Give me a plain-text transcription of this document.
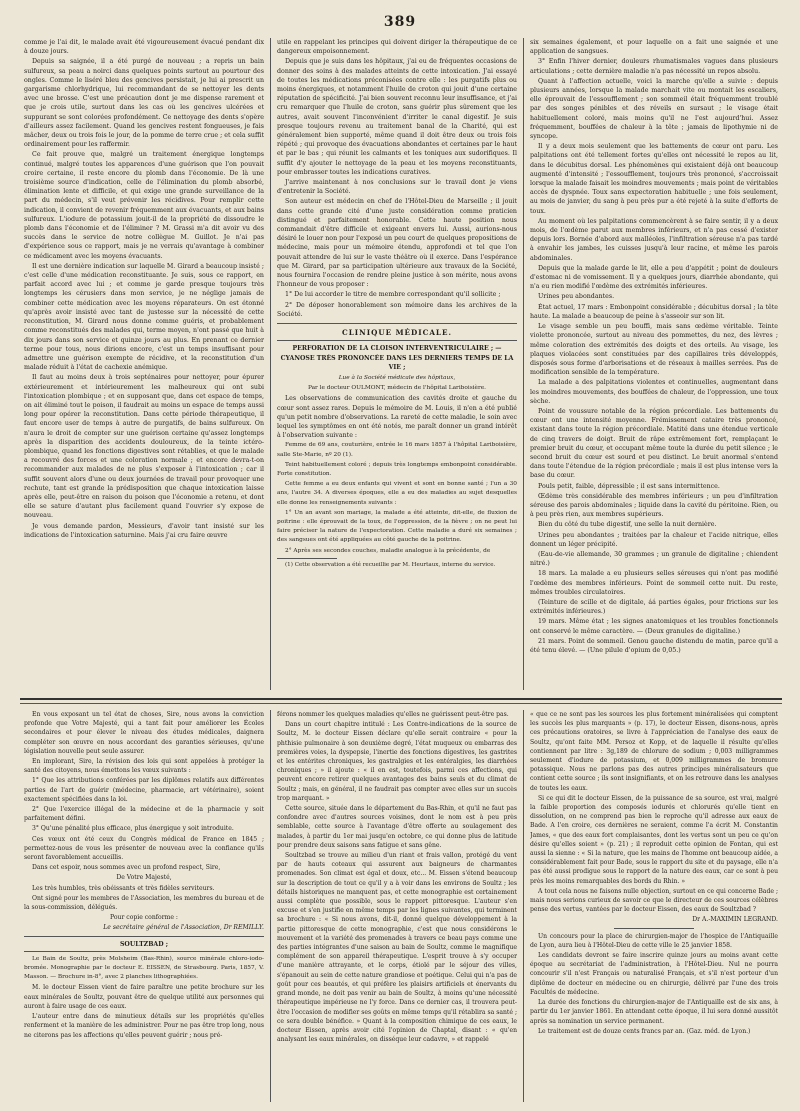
389

comme je l'ai dit, le malade avait été vigoureusement évacué pendant dix à douze jours.

Depuis sa saignée, il a été purgé de nouveau ; a repris un bain sulfureux, sa peau a noirci dans quelques points surtout au pourtour des ongles. Comme le liséré bleu des gencives persistait, je lui ai prescrit un gargarisme chlorhydrique, lui recommandant de se nettoyer les dents avec une brosse. C'est une précaution dont je me dispense rarement et que je crois utile, surtout dans les cas où les gencives ulcérées et suppurant se sont colorées profondément. Ce nettoyage des dents s'opère d'ailleurs assez facilement. Quand les gencives restent fongueuses, je fais mâcher, deux ou trois fois le jour, de la pomme de terre crue ; et cela suffit ordinairement pour les raffermir.

Ce fait prouve que, malgré un traitement énergique longtemps continué, malgré toutes les apparences d'une guérison que l'on pouvait croire certaine, il reste encore du plomb dans l'économie. De là une troisième source d'indication, celle de l'élimination du plomb absorbé, élimination lente et difficile, et qui exige une grande surveillance de la part du médecin, s'il veut prévenir les récidives. Pour remplir cette indication, il convient de revenir fréquemment aux évacuants, et aux bains sulfureux. L'iodure de potassium jouit-il de la propriété de dissoudre le plomb dans l'économie et de l'éliminer ? M. Grassi m'a dit avoir vu des succès dans le service de notre collègue M. Guillot. Je n'ai pas d'expérience sous ce rapport, mais je ne verrais qu'avantage à combiner ce médicament avec les moyens évacuants.

Il est une dernière indication sur laquelle M. Girard a beaucoup insisté ; c'est celle d'une médication reconstituante. Je suis, sous ce rapport, en parfait accord avec lui ; et comme je garde presque toujours très longtemps les cérusiers dans mon service, je ne néglige jamais de combiner cette médication avec les moyens réparateurs. On est étonné qu'après avoir insisté avec tant de justesse sur la nécessité de cette reconstitution, M. Girard nous donne comme guéris, et probablement comme reconstitués des malades qui, terme moyen, n'ont passé que huit à dix jours dans son service et quinze jours au plus. En prenant ce dernier terme pour tous, nous dirions encore, c'est un temps insuffisant pour admettre une guérison exempte de récidive, et la reconstitution d'un malade réduit à l'état de cachexie anémique.

Il faut au moins deux à trois septénaires pour nettoyer, pour épurer extérieurement et intérieurement les malheureux qui ont subi l'intoxication plombique ; et en supposant que, dans cet espace de temps, on ait éliminé tout le poison, il faudrait au moins un espace de temps aussi long pour opérer la reconstitution. Dans cette période thérapeutique, il faut encore user de temps à autre de purgatifs, de bains sulfureux. On n'aura le droit de compter sur une guérison certaine qu'assez longtemps après la disparition des accidents douloureux, de la teinte ictéro-plombique, quand les fonctions digestives sont rétablies, et que le malade a recouvré des forces et une coloration normale ; et encore devra-t-on recommander aux malades de ne plus s'exposer à l'intoxication ; car il suffit souvent alors d'une ou deux journées de travail pour provoquer une rechute, tant est grande la prédisposition que chaque intoxication laisse après elle, peut-être en raison du poison que l'économie a retenu, et dont elle se sature d'autant plus facilement quand l'ouvrier s'y expose de nouveau.

Je vous demande pardon, Messieurs, d'avoir tant insisté sur les indications de l'intoxication saturnine. Mais j'ai cru faire œuvre

utile en rappelant les principes qui doivent diriger la thérapeutique de ce dangereux empoisonnement.

Depuis que je suis dans les hôpitaux, j'ai eu de fréquentes occasions de donner des soins à des malades atteints de cette intoxication. J'ai essayé de toutes les médications préconisées contre elle : les purgatifs plus ou moins énergiques, et notamment l'huile de croton qui jouit d'une certaine réputation de spécificité. J'ai bien souvent reconnu leur insuffisance, et j'ai cru remarquer que l'huile de croton, sans guérir plus sûrement que les autres, avait souvent l'inconvénient d'irriter le canal digestif. Je suis presque toujours revenu au traitement banal de la Charité, qui est généralement bien supporté, même quand il doit être deux ou trois fois répété ; qui provoque des évacuations abondantes et certaines par le haut et par le bas ; qui réunit les calmants et les toniques aux sudorifiques. Il suffit d'y ajouter le nettoyage de la peau et les moyens reconstituants, pour embrasser toutes les indications curatives.

J'arrive maintenant à nos conclusions sur le travail dont je viens d'entretenir la Société.

Son auteur est médecin en chef de l'Hôtel-Dieu de Marseille ; il jouit dans cette grande cité d'une juste considération comme praticien distingué et parfaitement honorable. Cette haute position nous commandait d'être difficile et exigeant envers lui. Aussi, aurions-nous désiré le louer non pour l'exposé un peu court de quelques propositions de médecine, mais pour un mémoire étendu, approfondi et tel que l'on pouvait attendre de lui sur le vaste théâtre où il exerce. Dans l'espérance que M. Girard, par sa participation ultérieure aux travaux de la Société, nous fournira l'occasion de rendre pleine justice à son mérite, nous avons l'honneur de vous proposer :

1° De lui accorder le titre de membre correspondant qu'il sollicite ;

2° De déposer honorablement son mémoire dans les archives de la Société.

CLINIQUE MÉDICALE.
PERFORATION DE LA CLOISON INTERVENTRICULAIRE ; — CYANOSE TRÈS PRONONCÉE DANS LES DERNIERS TEMPS DE LA VIE ;

Lue à la Société médicale des hôpitaux,

Par le docteur OULMONT, médecin de l'hôpital Lariboisière.

Les observations de communication des cavités droite et gauche du cœur sont assez rares. Depuis le mémoire de M. Louis, il n'en a été publié qu'un petit nombre d'observations. La rareté de cette maladie, le soin avec lequel les symptômes en ont été notés, me paraît donner un grand intérêt à l'observation suivante :

Femme de 69 ans, couturière, entrée le 16 mars 1857 à l'hôpital Lariboisière, salle Ste-Marie, nº 20 (1).

Teint habituellement coloré ; depuis très longtemps embonpoint considérable. Forte constitution.

Cette femme a eu deux enfants qui vivent et sont en bonne santé ; l'un a 30 ans, l'autre 34. A diverses époques, elle a eu des maladies au sujet desquelles elle donne les renseignements suivants :

1° Un an avant son mariage, la malade a été atteinte, dit-elle, de fluxion de poitrine : elle éprouvait de la toux, de l'oppression, de la fièvre ; on ne peut lui faire préciser la nature de l'expectoration. Cette maladie a duré six semaines ; des sangsues ont été appliquées au côté gauche de la poitrine.

2° Après ses secondes couches, maladie analogue à la précédente, de

(1) Cette observation a été recueillie par M. Heurtaux, interne du service.

six semaines également, et pour laquelle on a fait une saignée et une application de sangsues.

3° Enfin l'hiver dernier, douleurs rhumatismales vagues dans plusieurs articulations ; cette dernière maladie n'a pas nécessité un repos absolu.

Quant à l'affection actuelle, voici la marche qu'elle a suivie : depuis plusieurs années, lorsque la malade marchait vite ou montait les escaliers, elle éprouvait de l'essoufflement ; son sommeil était fréquemment troublé par des songes pénibles et des réveils en sursaut ; le visage était habituellement coloré, mais moins qu'il ne l'est aujourd'hui. Assez fréquemment, bouffées de chaleur à la tête ; jamais de lipothymie ni de syncope.

Il y a deux mois seulement que les battements de cœur ont paru. Les palpitations ont été tellement fortes qu'elles ont nécessité le repos au lit, dans le décubitus dorsal. Les phénomènes qui existaient déjà ont beaucoup augmenté d'intensité ; l'essoufflement, toujours très prononcé, s'accroissait lorsque la malade faisait les moindres mouvements ; mais point de véritables accès de dyspnée. Toux sans expectoration habituelle ; une fois seulement, au mois de janvier, du sang à peu près pur a été rejeté à la suite d'efforts de toux.

Au moment où les palpitations commencèrent à se faire sentir, il y a deux mois, de l'œdème parut aux membres inférieurs, et n'a pas cessé d'exister depuis lors. Bornée d'abord aux malléoles, l'infiltration séreuse n'a pas tardé à envahir les jambes, les cuisses jusqu'à leur racine, et même les parois abdominales.

Depuis que la malade garde le lit, elle a peu d'appétit ; point de douleurs d'estomac ni de vomissement. Il y a quelques jours, diarrhée abondante, qui n'a eu rien modifié l'œdème des extrémités inférieures.

Urines peu abondantes.

État actuel, 17 mars : Embonpoint considérable ; décubitus dorsal ; la tête haute. La malade a beaucoup de peine à s'asseoir sur son lit.

Le visage semble un peu bouffi, mais sans œdème véritable. Teinte violette prononcée, surtout au niveau des pommettes, du nez, des lèvres ; même coloration des extrémités des doigts et des orteils. Au visage, les plaques violacées sont constituées par des capillaires très développés, disposés sous forme d'arborisations et de réseaux à mailles serrées. Pas de modification sensible de la température.

La malade a des palpitations violentes et continuelles, augmentant dans les moindres mouvements, des bouffées de chaleur, de l'oppression, une toux sèche.

Point de voussure notable de la région précordiale. Les battements du cœur ont une intensité moyenne. Frémissement cataire très prononcé, existant dans toute la région précordiale. Matité dans une étendue verticale de cinq travers de doigt. Bruit de râpe extrêmement fort, remplaçant le premier bruit du cœur, et occupant même toute la durée du petit silence ; le second bruit du cœur est sourd et peu distinct. Le bruit anormal s'entend dans toute l'étendue de la région précordiale ; mais il est plus intense vers la base du cœur.

Pouls petit, faible, dépressible ; il est sans intermittence.

Œdème très considérable des membres inférieurs ; un peu d'infiltration séreuse des parois abdominales ; liquide dans la cavité du péritoine. Rien, ou à peu près rien, aux membres supérieurs.

Bien du côté du tube digestif, une selle la nuit dernière.

Urines peu abondantes ; traitées par la chaleur et l'acide nitrique, elles donnent un léger précipité.

(Eau-de-vie allemande, 30 grammes ; un granule de digitaline ; chiendent nitré.)

18 mars. La malade a eu plusieurs selles séreuses qui n'ont pas modifié l'œdème des membres inférieurs. Point de sommeil cette nuit. Du reste, mêmes troubles circulatoires.

(Teinture de scille et de digitale, áá parties égales, pour frictions sur les extrémités inférieures.)

19 mars. Même état ; les signes anatomiques et les troubles fonctionnels ont conservé le même caractère. — (Deux granules de digitaline.)

21 mars. Point de sommeil. Genou gauche distendu de matin, parce qu'il a été tenu élevé. — (Une pilule d'opium de 0,05.)

En vous exposant un tel état de choses, Sire, nous avons la conviction profonde que Votre Majesté, qui a tant fait pour améliorer les Écoles secondaires et pour élever le niveau des études médicales, daignera compléter son œuvre en nous accordant des garanties sérieuses, qu'une législation nouvelle peut seule assurer.

En implorant, Sire, la révision des lois qui sont appelées à protéger la santé des citoyens, nous émettons les vœux suivants :

1° Que les attributions conférées par les diplômes relatifs aux différentes parties de l'art de guérir (médecine, pharmacie, art vétérinaire), soient exactement spécifiées dans la loi.

2° Que l'exercice illégal de la médecine et de la pharmacie y soit parfaitement défini.

3° Qu'une pénalité plus efficace, plus énergique y soit introduite.

Ces vœux ont été ceux du Congrès médical de France en 1845 ; permettez-nous de vous les présenter de nouveau avec la confiance qu'ils seront favorablement accueillis.

Dans cet espoir, nous sommes avec un profond respect, Sire,

De Votre Majesté,

Les très humbles, très obéissants et très fidèles serviteurs.

Ont signé pour les membres de l'Association, les membres du bureau et de la sous-commission, délégués.

Pour copie conforme :

Le secrétaire général de l'Association, Dr REMILLY.

SOULTZBAD ;

Le Bain de Soultz, près Molsheim (Bas-Rhin), source minérale chloro-iodo-bromée. Monographie par le docteur E. EISSEN, de Strasbourg. Paris, 1857, V. Masson. — Brochure in-8°, avec 2 planches lithographiées.

M. le docteur Eissen vient de faire paraître une petite brochure sur les eaux minérales de Soultz, pouvant être de quelque utilité aux personnes qui auront à faire usage de ces eaux.

L'auteur entre dans de minutieux détails sur les propriétés qu'elles renferment et la manière de les administrer. Pour ne pas être trop long, nous ne citerons pas les affections qu'elles peuvent guérir ; nous pré-

férons nommer les quelques maladies qu'elles ne guérissent peut-être pas.

Dans un court chapitre intitulé : Les Contre-indications de la source de Soultz, M. le docteur Eissen déclare qu'elle serait contraire « pour la phthisie pulmonaire à son deuxième degré, l'état muqueux ou embarras des premières voies, la dyspepsie, l'inertie des fonctions digestives, les gastrites et les entérites chroniques, les gastralgies et les entéralgies, les diarrhées chroniques ; » il ajoute : « il en est, toutefois, parmi ces affections, qui peuvent encore retirer quelques avantages des bains seuls et du climat de Soultz ; mais, en général, il ne faudrait pas compter avec elles sur un succès trop marquant. »

Cette source, située dans le département du Bas-Rhin, et qu'il ne faut pas confondre avec d'autres sources voisines, dont le nom est à peu près semblable, cette source à l'avantage d'être offerte au soulagement des malades, à partir du 1er mai jusqu'en octobre, ce qui donne plus de latitude pour prendre deux saisons sans fatigue et sans gêne.

Soultzbad se trouve au milieu d'un riant et frais vallon, protégé du vent par de hauts coteaux qui assurent aux baigneurs de charmantes promenades. Son climat est égal et doux, etc... M. Eissen s'étend beaucoup sur la description de tout ce qu'il y a à voir dans les environs de Soultz ; les détails historiques ne manquent pas, et cette monographie est certainement aussi complète que possible, sous le rapport pittoresque. L'auteur s'en excuse et s'en justifie en même temps par les lignes suivantes, qui terminent sa brochure : « Si nous avons, dit-il, donné quelque développement à la partie pittoresque de cette monographie, c'est que nous considérons le mouvement et la variété des promenades à travers ce beau pays comme une des parties intégrantes d'une saison au bain de Soultz, comme le magnifique complément de son appareil thérapeutique. L'esprit trouve à s'y occuper d'une manière attrayante, et le corps, étiolé par le séjour des villes, s'épanouit au sein de cette nature grandiose et poétique. Celui qui n'a pas de goût pour ces beautés, et qui préfère les plaisirs artificiels et énervants du grand monde, ne doit pas venir au bain de Soultz, à moins qu'une nécessité thérapeutique impérieuse ne l'y force. Dans ce dernier cas, il trouvera peut-être l'occasion de modifier ses goûts en même temps qu'il rétablira sa santé ; ce sera double bénéfice. » Quant à la composition chimique de ces eaux, le docteur Eissen, après avoir cité l'opinion de Chaptal, disant : « qu'en analysant les eaux minérales, on disséque leur cadavre, » et rappelé

« que ce ne sont pas les sources les plus fortement minéralisées qui comptent les succès les plus marquants » (p. 17), le docteur Eissen, disons-nous, après ces précautions oratoires, se livre à l'appréciation de l'analyse des eaux de Soultz, qu'ont faite MM. Persoz et Kopp, et de laquelle il résulte qu'elles contiennent par litre : 3g,189 de chlorure de sodium ; 0,003 milligrammes seulement d'iodure de potassium, et 0,009 milligrammes de bromure potassique. Nous ne parlons pas des autres principes minéralisateurs que contient cette source ; ils sont insignifiants, et on les retrouve dans les analyses de toutes les eaux.

Si ce qui dit le docteur Eissen, de la puissance de sa source, est vrai, malgré la faible proportion des composés iodurés et chlorurés qu'elle tient en dissolution, on ne comprend pas bien le reproche qu'il adresse aux eaux de Bade. A l'en croire, ces dernières ne seraient, comme l'a écrit M. Constantin James, « que des eaux fort complaisantes, dont les vertus sont un peu ce qu'on désire qu'elles soient » (p. 21) ; il reproduit cette opinion de Fontan, qui est aussi la sienne : « Si la nature, que les mains de l'homme ont beaucoup aidée, a considérablement fait pour Bade, sous le rapport du site et du paysage, elle n'a pas été aussi prodigue sous le rapport de la nature des eaux, car ce sont à peu près les moins remarquables des bords du Rhin. »

A tout cela nous ne faisons nulle objection, surtout en ce qui concerne Bade ; mais nous serions curieux de savoir ce que le directeur de ces sources célèbres pense des vertus, vantées par le docteur Eissen, des eaux de Soultzbad ?

Dr A.-MAXIMIN LEGRAND.

Un concours pour la place de chirurgien-major de l'hospice de l'Antiquaille de Lyon, aura lieu à l'Hôtel-Dieu de cette ville le 25 janvier 1858.

Les candidats devront se faire inscrire quinze jours au moins avant cette époque au secrétariat de l'administration, à l'Hôtel-Dieu. Nul ne pourra concourir s'il n'est Français ou naturalisé Français, et s'il n'est porteur d'un diplôme de docteur en médecine ou en chirurgie, délivré par l'une des trois Facultés de médecine.

La durée des fonctions du chirurgien-major de l'Antiquaille est de six ans, à partir du 1er janvier 1861. En attendant cette époque, il lui sera donné aussitôt après sa nomination un service permanent.

Le traitement est de douze cents francs par an. (Gaz. méd. de Lyon.)
